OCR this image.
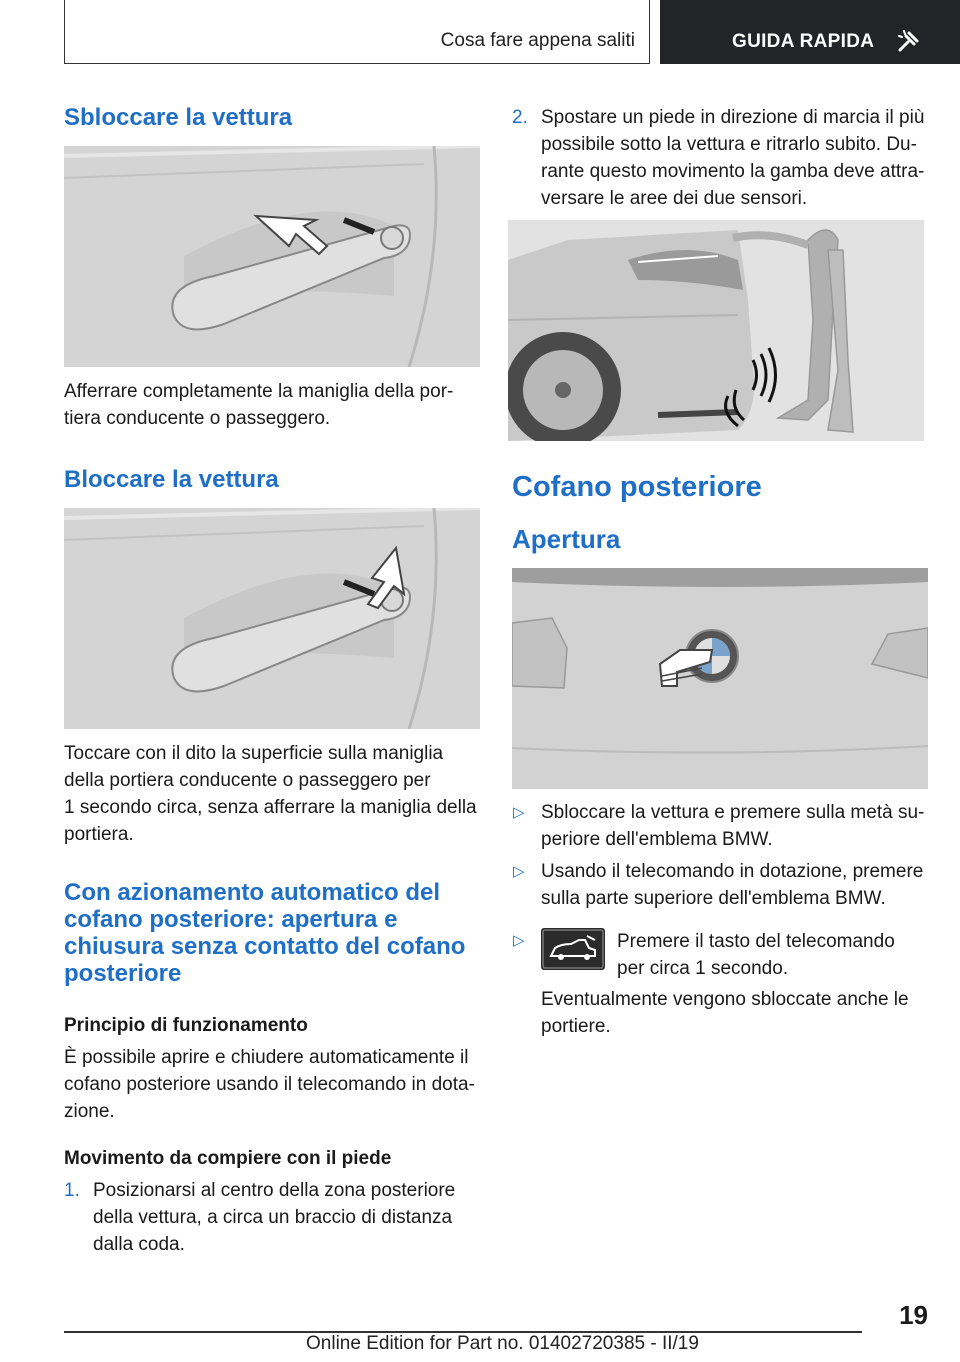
Cosa fare appena saliti	GUIDA RAPIDA
Sbloccare la vettura
Afferrare completamente la maniglia della por-
tiera conducente o passeggero.
Bloccare la vettura
Toccare con il dito la superficie sulla maniglia
della portiera conducente o passeggero per
1 secondo circa, senza afferrare la maniglia della
portiera.
Con azionamento automatico del
cofano posteriore: apertura e
chiusura senza contatto del cofano
posteriore
Principio di funzionamento
È possibile aprire e chiudere automaticamente il
cofano posteriore usando il telecomando in dota-
zione.
Movimento da compiere con il piede
1. Posizionarsi al centro della zona posteriore
della vettura, a circa un braccio di distanza
dalla coda.
2. Spostare un piede in direzione di marcia il più
possibile sotto la vettura e ritrarlo subito. Du-
rante questo movimento la gamba deve attra-
versare le aree dei due sensori.
Cofano posteriore
Apertura
▷ Sbloccare la vettura e premere sulla metà su-
periore dell'emblema BMW.
▷ Usando il telecomando in dotazione, premere
sulla parte superiore dell'emblema BMW.
▷	Premere il tasto del telecomando
per circa 1 secondo.
Eventualmente vengono sbloccate anche le
portiere.
19
Online Edition for Part no. 01402720385 - II/19
